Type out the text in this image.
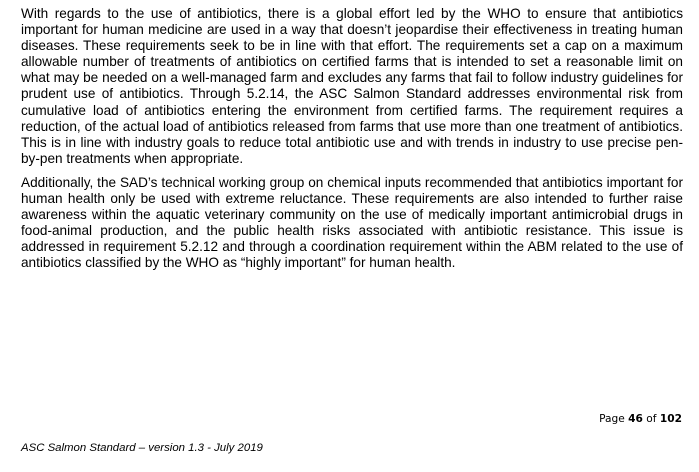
With regards to the use of antibiotics, there is a global effort led by the WHO to ensure that antibiotics important for human medicine are used in a way that doesn’t jeopardise their effectiveness in treating human diseases. These requirements seek to be in line with that effort. The requirements set a cap on a maximum allowable number of treatments of antibiotics on certified farms that is intended to set a reasonable limit on what may be needed on a well-managed farm and excludes any farms that fail to follow industry guidelines for prudent use of antibiotics. Through 5.2.14, the ASC Salmon Standard addresses environmental risk from cumulative load of antibiotics entering the environment from certified farms. The requirement requires a reduction, of the actual load of antibiotics released from farms that use more than one treatment of antibiotics. This is in line with industry goals to reduce total antibiotic use and with trends in industry to use precise pen-by-pen treatments when appropriate.

Additionally, the SAD’s technical working group on chemical inputs recommended that antibiotics important for human health only be used with extreme reluctance. These requirements are also intended to further raise awareness within the aquatic veterinary community on the use of medically important antimicrobial drugs in food-animal production, and the public health risks associated with antibiotic resistance. This issue is addressed in requirement 5.2.12 and through a coordination requirement within the ABM related to the use of antibiotics classified by the WHO as “highly important” for human health.

Page 46 of 102
ASC Salmon Standard – version 1.3 - July 2019
